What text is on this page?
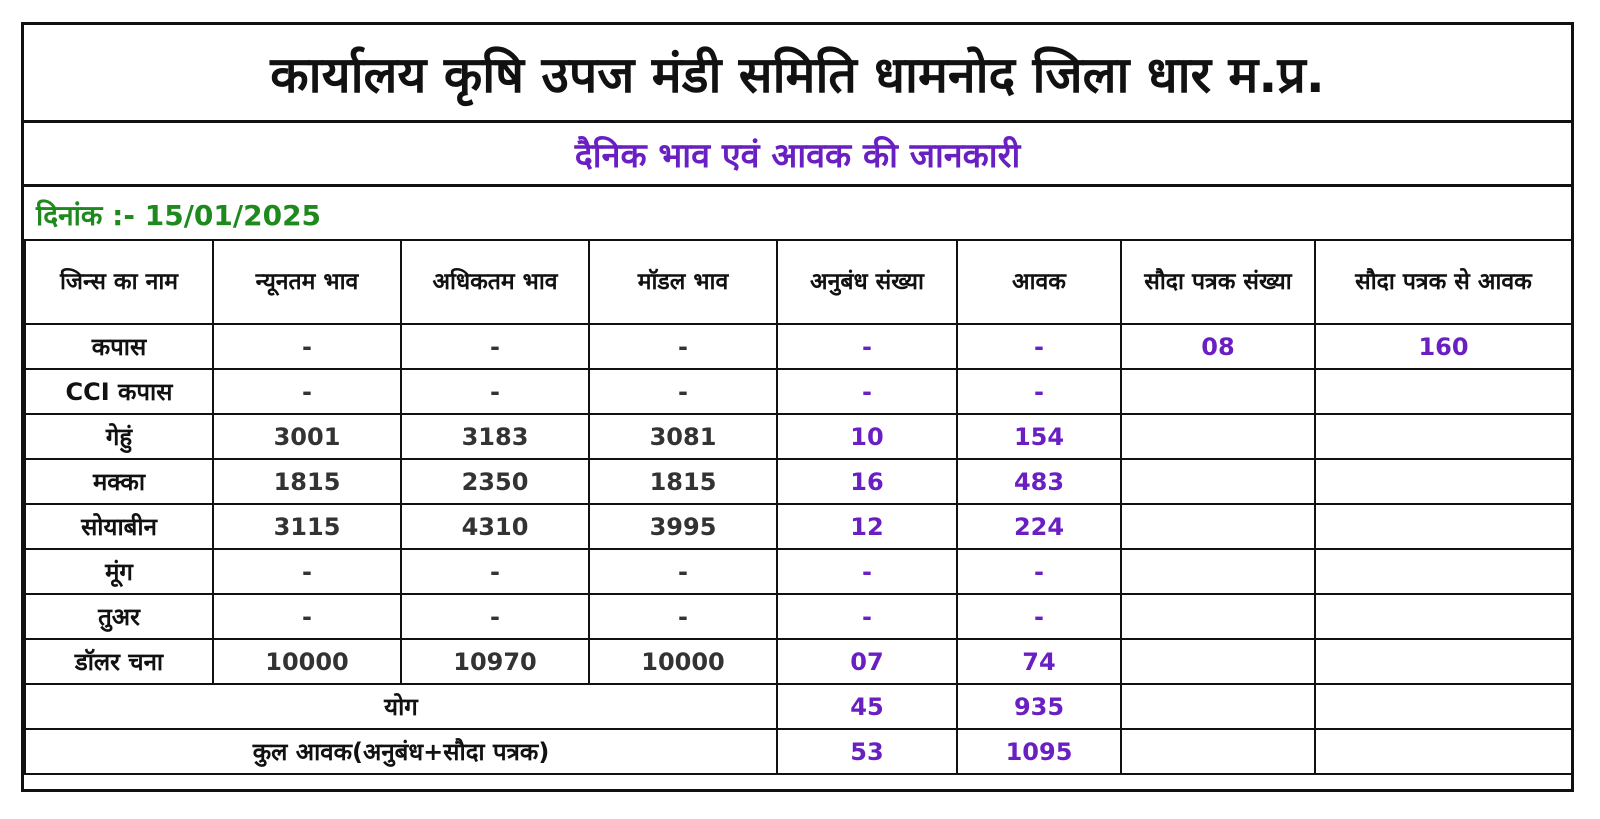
कार्यालय कृषि उपज मंडी समिति धामनोद जिला धार म.प्र.
दैनिक भाव एवं आवक की जानकारी
दिनांक :- 15/01/2025
जिन्स का नाम	न्यूनतम भाव	अधिकतम भाव	मॉडल भाव	अनुबंध संख्या	आवक	सौदा पत्रक संख्या	सौदा पत्रक से आवक
कपास	-	-	-	-	-	08	160
CCI कपास	-	-	-	-	-		
गेहुं	3001	3183	3081	10	154		
मक्का	1815	2350	1815	16	483		
सोयाबीन	3115	4310	3995	12	224		
मूंग	-	-	-	-	-		
तुअर	-	-	-	-	-		
डॉलर चना	10000	10970	10000	07	74		
योग				45	935		
कुल आवक(अनुबंध+सौदा पत्रक)				53	1095		
